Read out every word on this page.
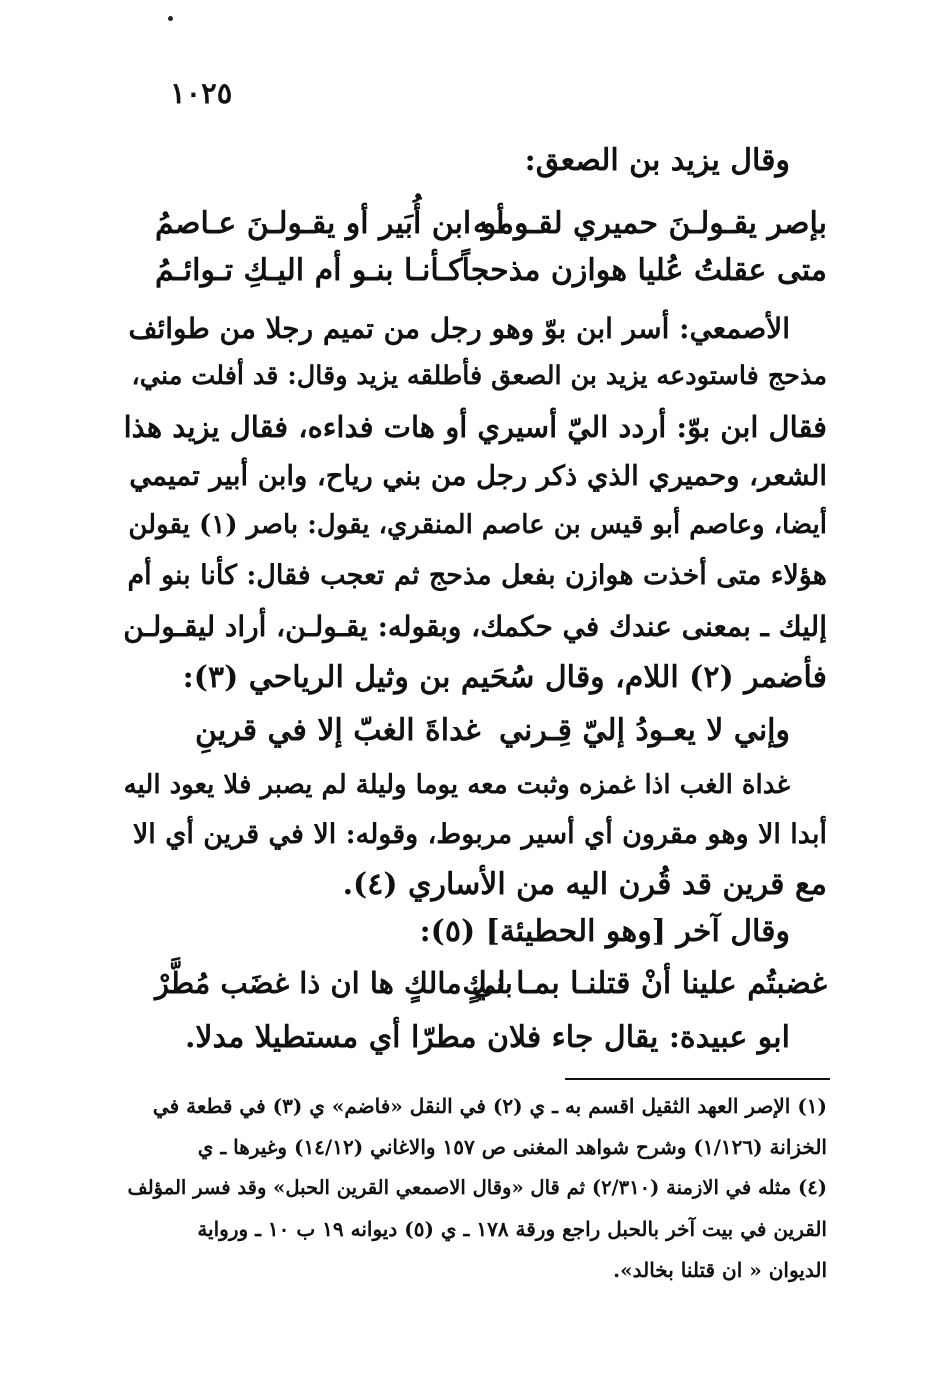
١٠٢٥
وقال يزيد بن الصعق:
بإصر يقـولـنَ حميري لقـومـه
أو ابن أُبَير أو يقـولـنَ عـاصمُ
متى عقلتُ عُليا هوازن مذحجاً
كـأنـا بنـو أم اليـكِ تـوائـمُ
الأصمعي: أسر ابن بوّ وهو رجل من تميم رجلا من طوائف
مذحج فاستودعه يزيد بن الصعق فأطلقه يزيد وقال: قد أفلت مني،
فقال ابن بوّ: أردد اليّ أسيري أو هات فداءه، فقال يزيد هذا
الشعر، وحميري الذي ذكر رجل من بني رياح، وابن أبير تميمي
أيضا، وعاصم أبو قيس بن عاصم المنقري، يقول: باصر (١) يقولن
هؤلاء متى أخذت هوازن بفعل مذحج ثم تعجب فقال: كأنا بنو أم
إليك ـ بمعنى عندك في حكمك، وبقوله: يقـولـن، أراد ليقـولـن
فأضمر (٢) اللام، وقال سُحَيم بن وثيل الرياحي (٣):
وإني لا يعـودُ إليّ قِـرني
غداةَ الغبّ إلا في قرينِ
غداة الغب اذا غمزه وثبت معه يوما وليلة لم يصبر فلا يعود اليه
أبدا الا وهو مقرون أي أسير مربوط، وقوله: الا في قرين أي الا
مع قرين قد قُرن اليه من الأساري (٤).
وقال آخر [وهو الحطيئة] (٥):
غضبتُم علينا أنْ قتلنـا بمـا لـكٍ
بني مالكٍ ها ان ذا غضَب مُطَّرْ
ابو عبيدة: يقال جاء فلان مطرّا أي مستطيلا مدلا.
(١) الإصر العهد الثقيل اقسم به ـ ي (٢) في النقل «فاضم» ي (٣) في قطعة في
الخزانة (١/١٢٦) وشرح شواهد المغنى ص ١٥٧ والاغاني (١٤/١٢) وغيرها ـ ي
(٤) مثله في الازمنة (٢/٣١٠) ثم قال «وقال الاصمعي القرين الحبل» وقد فسر المؤلف
القرين في بيت آخر بالحبل راجع ورقة ١٧٨ ـ ي (٥) ديوانه ١٩ ب ١٠ ـ ورواية
الديوان « ان قتلنا بخالد».
